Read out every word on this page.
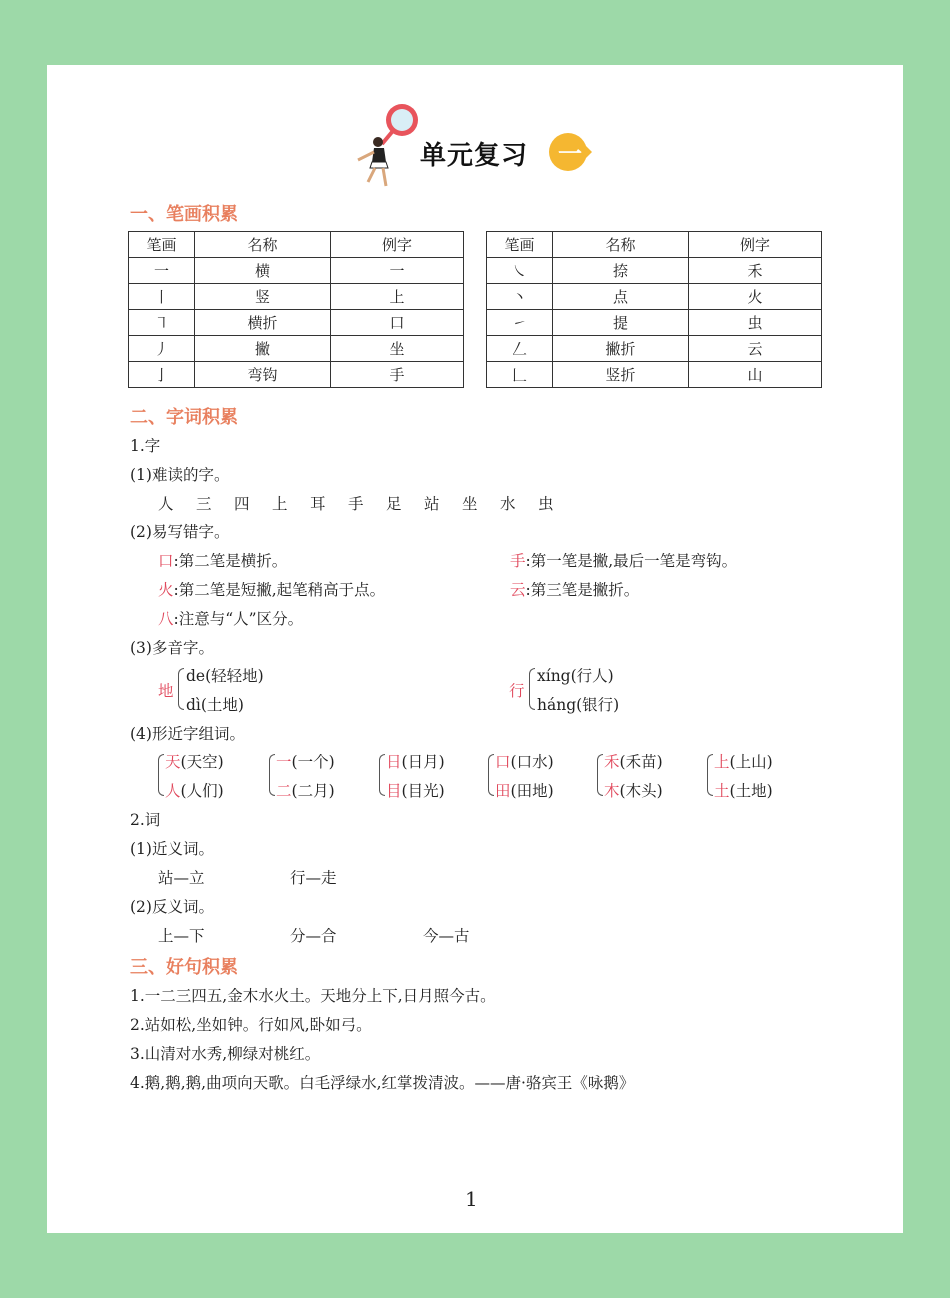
单元复习	一
一、笔画积累
笔画	名称	例字
一	横	一
丨	竖	上
㇕	横折	口
丿	撇	坐
亅	弯钩	手
笔画	名称	例字
㇏	捺	禾
丶	点	火
㇀	提	虫
𠃋	撇折	云
𠃊	竖折	山
二、字词积累
1.字
(1)难读的字。
人 三 四 上 耳 手 足 站 坐 水 虫
(2)易写错字。
口:第二笔是横折。	手:第一笔是撇,最后一笔是弯钩。
火:第二笔是短撇,起笔稍高于点。	云:第三笔是撇折。
八:注意与“人”区分。
(3)多音字。
地
de(轻轻地)
dì(土地)
行
xíng(行人)
háng(银行)
(4)形近字组词。
天(天空)
人(人们)
一(一个)
二(二月)
日(日月)
目(目光)
口(口水)
田(田地)
禾(禾苗)
木(木头)
上(上山)
土(土地)
2.词
(1)近义词。
站—立	行—走
(2)反义词。
上—下	分—合	今—古
三、好句积累
1.一二三四五,金木水火土。天地分上下,日月照今古。
2.站如松,坐如钟。行如风,卧如弓。
3.山清对水秀,柳绿对桃红。
4.鹅,鹅,鹅,曲项向天歌。白毛浮绿水,红掌拨清波。——唐·骆宾王《咏鹅》
1
